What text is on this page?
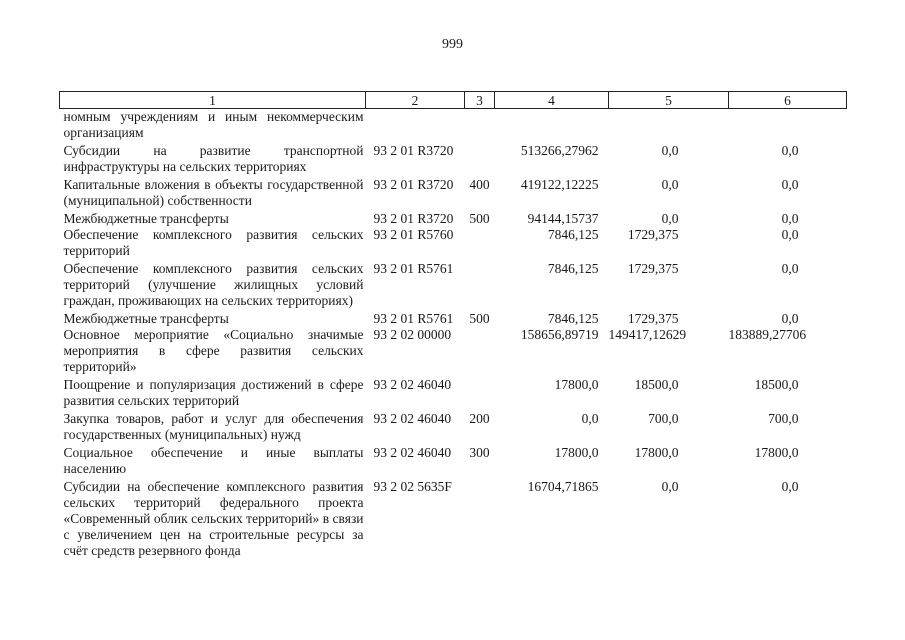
999
1	2	3	4	5	6
номным учреждениям и иным некоммерческим организациям					
Субсидии на развитие транспортной инфраструктуры на сельских территориях	93 2 01 R3720		513266,27962	0,0	0,0
Капитальные вложения в объекты государственной (муниципальной) собственности	93 2 01 R3720	400	419122,12225	0,0	0,0
Межбюджетные трансферты	93 2 01 R3720	500	94144,15737	0,0	0,0
Обеспечение комплексного развития сельских территорий	93 2 01 R5760		7846,125	1729,375	0,0
Обеспечение комплексного развития сельских территорий (улучшение жилищных условий граждан, проживающих на сельских территориях)	93 2 01 R5761		7846,125	1729,375	0,0
Межбюджетные трансферты	93 2 01 R5761	500	7846,125	1729,375	0,0
Основное мероприятие «Социально значимые мероприятия в сфере развития сельских территорий»	93 2 02 00000		158656,89719	149417,12629	183889,27706
Поощрение и популяризация достижений в сфере развития сельских территорий	93 2 02 46040		17800,0	18500,0	18500,0
Закупка товаров, работ и услуг для обеспечения государственных (муниципальных) нужд	93 2 02 46040	200	0,0	700,0	700,0
Социальное обеспечение и иные выплаты населению	93 2 02 46040	300	17800,0	17800,0	17800,0
Субсидии на обеспечение комплексного развития сельских территорий федерального проекта «Современный облик сельских территорий» в связи с увеличением цен на строительные ресурсы за счёт средств резервного фонда	93 2 02 5635F		16704,71865	0,0	0,0
